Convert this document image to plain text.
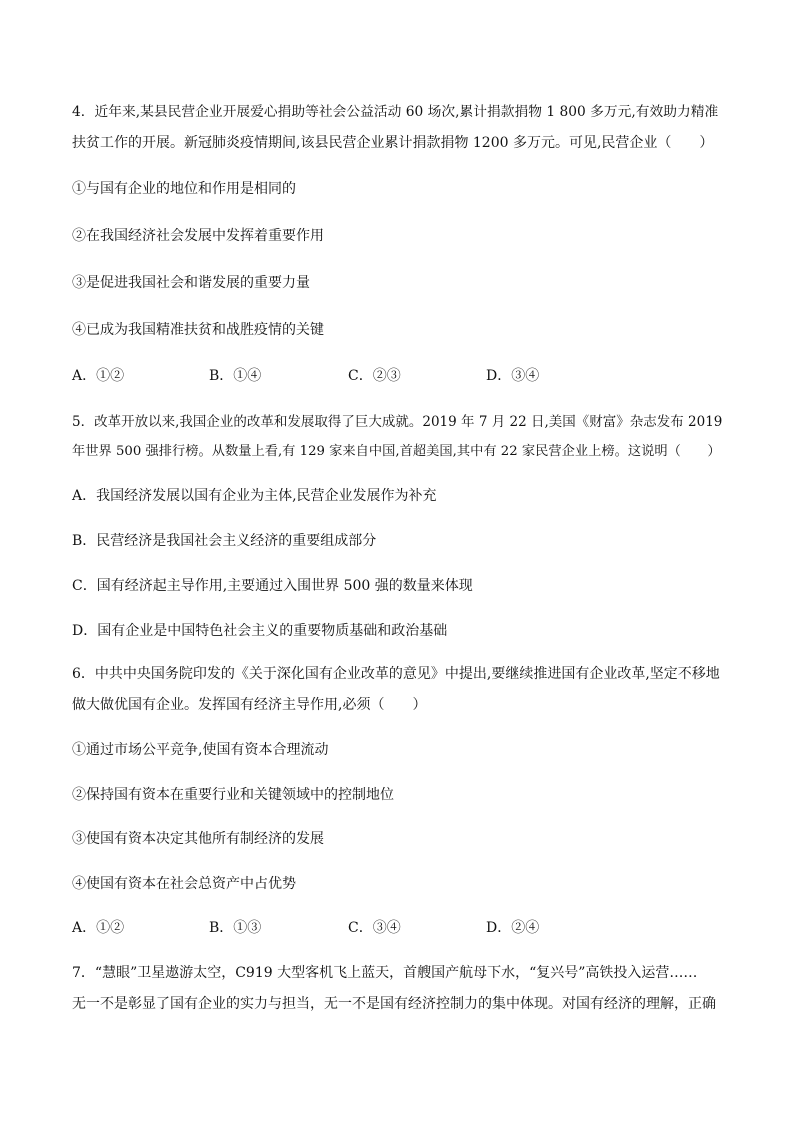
4．近年来,某县民营企业开展爱心捐助等社会公益活动 60 场次,累计捐款捐物 1 800 多万元,有效助力精准
扶贫工作的开展。新冠肺炎疫情期间,该县民营企业累计捐款捐物 1200 多万元。可见,民营企业（　　）
①与国有企业的地位和作用是相同的
②在我国经济社会发展中发挥着重要作用
③是促进我国社会和谐发展的重要力量
④已成为我国精准扶贫和战胜疫情的关键
A．①②	B．①④	C．②③	D．③④
5．改革开放以来,我国企业的改革和发展取得了巨大成就。2019 年 7 月 22 日,美国《财富》杂志发布 2019
年世界 500 强排行榜。从数量上看,有 129 家来自中国,首超美国,其中有 22 家民营企业上榜。这说明（　　）
A．我国经济发展以国有企业为主体,民营企业发展作为补充
B．民营经济是我国社会主义经济的重要组成部分
C．国有经济起主导作用,主要通过入围世界 500 强的数量来体现
D．国有企业是中国特色社会主义的重要物质基础和政治基础
6．中共中央国务院印发的《关于深化国有企业改革的意见》中提出,要继续推进国有企业改革,坚定不移地
做大做优国有企业。发挥国有经济主导作用,必须（　　）
①通过市场公平竞争,使国有资本合理流动
②保持国有资本在重要行业和关键领域中的控制地位
③使国有资本决定其他所有制经济的发展
④使国有资本在社会总资产中占优势
A．①②	B．①③	C．③④	D．②④
7．“慧眼”卫星遨游太空，C919 大型客机飞上蓝天，首艘国产航母下水，“复兴号”高铁投入运营……
无一不是彰显了国有企业的实力与担当，无一不是国有经济控制力的集中体现。对国有经济的理解，正确
